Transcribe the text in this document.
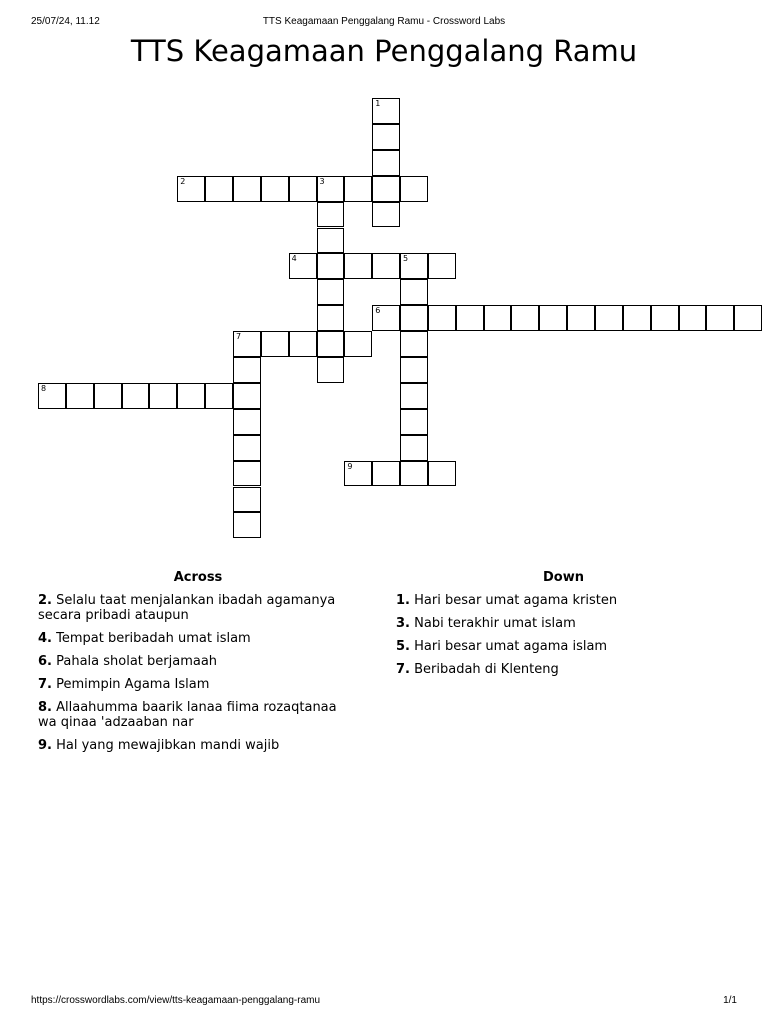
25/07/24, 11.12	TTS Keagamaan Penggalang Ramu - Crossword Labs
TTS Keagamaan Penggalang Ramu
1
2	3
4	5
6
7
8
9
Across
2. Selalu taat menjalankan ibadah agamanya secara pribadi ataupun
4. Tempat beribadah umat islam
6. Pahala sholat berjamaah
7. Pemimpin Agama Islam
8. Allaahumma baarik lanaa fiima rozaqtanaa wa qinaa 'adzaaban nar
9. Hal yang mewajibkan mandi wajib
Down
1. Hari besar umat agama kristen
3. Nabi terakhir umat islam
5. Hari besar umat agama islam
7. Beribadah di Klenteng
https://crosswordlabs.com/view/tts-keagamaan-penggalang-ramu	1/1
